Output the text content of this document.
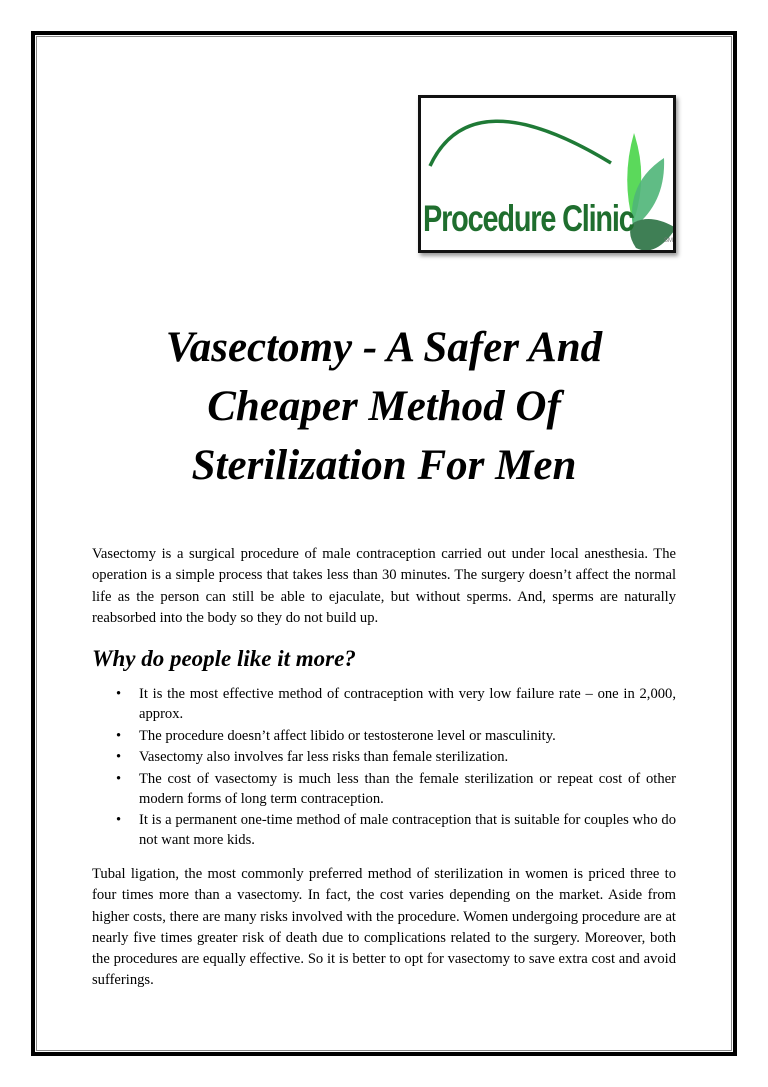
Procedure Clinic
SM
Vasectomy - A Safer And Cheaper Method Of Sterilization For Men

Vasectomy is a surgical procedure of male contraception carried out under local anesthesia. The operation is a simple process that takes less than 30 minutes. The surgery doesn’t affect the normal life as the person can still be able to ejaculate, but without sperms. And, sperms are naturally reabsorbed into the body so they do not build up.

Why do people like it more?
• It is the most effective method of contraception with very low failure rate – one in 2,000, approx.
• The procedure doesn’t affect libido or testosterone level or masculinity.
• Vasectomy also involves far less risks than female sterilization.
• The cost of vasectomy is much less than the female sterilization or repeat cost of other modern forms of long term contraception.
• It is a permanent one-time method of male contraception that is suitable for couples who do not want more kids.

Tubal ligation, the most commonly preferred method of sterilization in women is priced three to four times more than a vasectomy. In fact, the cost varies depending on the market. Aside from higher costs, there are many risks involved with the procedure. Women undergoing procedure are at nearly five times greater risk of death due to complications related to the surgery. Moreover, both the procedures are equally effective. So it is better to opt for vasectomy to save extra cost and avoid sufferings.
